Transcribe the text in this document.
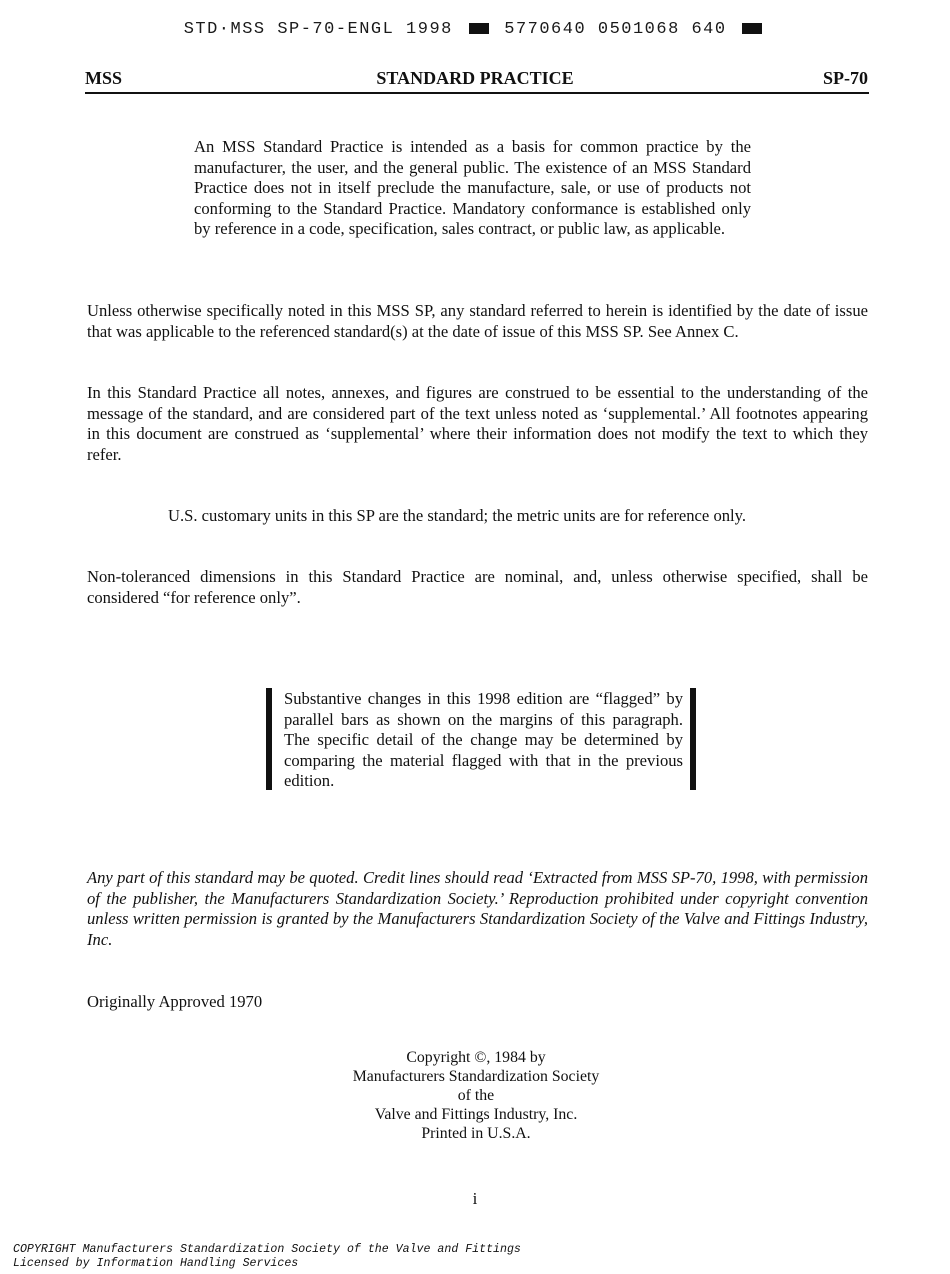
STD·MSS SP-70-ENGL 1998	5770640 0501068 640
MSS	STANDARD PRACTICE	SP-70
An MSS Standard Practice is intended as a basis for common practice by the manufacturer, the user, and the general public. The existence of an MSS Standard Practice does not in itself preclude the manufacture, sale, or use of products not conforming to the Standard Practice. Mandatory conformance is established only by reference in a code, specification, sales contract, or public law, as applicable.
Unless otherwise specifically noted in this MSS SP, any standard referred to herein is identified by the date of issue that was applicable to the referenced standard(s) at the date of issue of this MSS SP. See Annex C.
In this Standard Practice all notes, annexes, and figures are construed to be essential to the understanding of the message of the standard, and are considered part of the text unless noted as ‘supplemental.’ All footnotes appearing in this document are construed as ‘supplemental’ where their information does not modify the text to which they refer.
U.S. customary units in this SP are the standard; the metric units are for reference only.
Non-toleranced dimensions in this Standard Practice are nominal, and, unless otherwise specified, shall be considered “for reference only”.
Substantive changes in this 1998 edition are “flagged” by parallel bars as shown on the margins of this paragraph. The specific detail of the change may be determined by comparing the material flagged with that in the previous edition.
Any part of this standard may be quoted. Credit lines should read ‘Extracted from MSS SP-70, 1998, with permission of the publisher, the Manufacturers Standardization Society.’ Reproduction prohibited under copyright convention unless written permission is granted by the Manufacturers Standardization Society of the Valve and Fittings Industry, Inc.
Originally Approved 1970
Copyright ©, 1984 by
Manufacturers Standardization Society
of the
Valve and Fittings Industry, Inc.
Printed in U.S.A.
i
COPYRIGHT Manufacturers Standardization Society of the Valve and Fittings
Licensed by Information Handling Services
